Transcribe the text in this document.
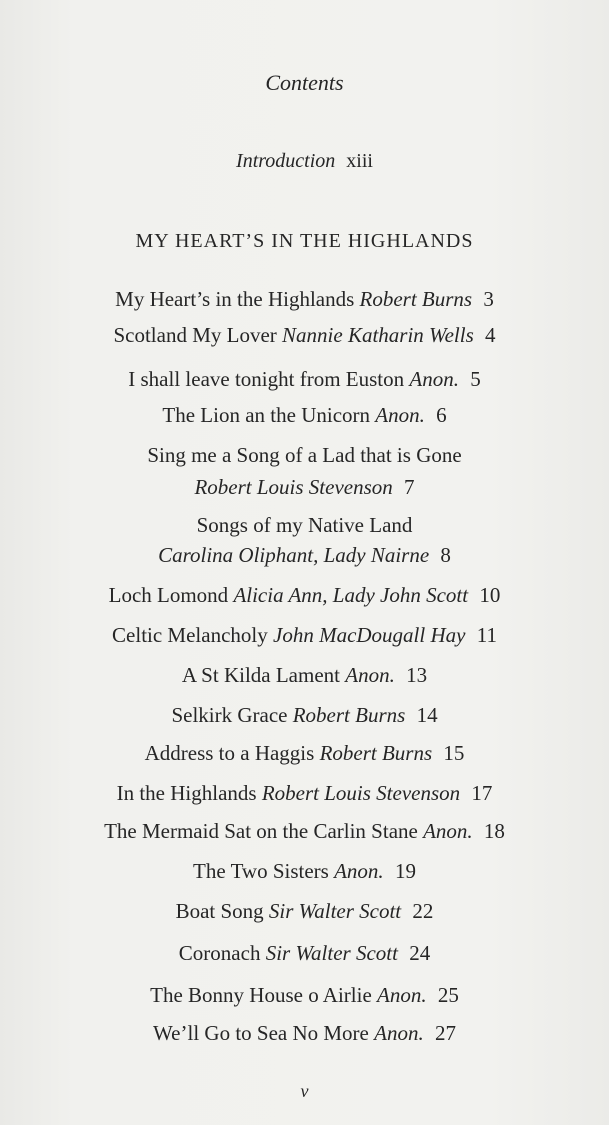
Contents
Introduction xiii
MY HEART’S IN THE HIGHLANDS
My Heart’s in the Highlands Robert Burns 3
Scotland My Lover Nannie Katharin Wells 4
I shall leave tonight from Euston Anon. 5
The Lion an the Unicorn Anon. 6
Sing me a Song of a Lad that is Gone
Robert Louis Stevenson 7
Songs of my Native Land
Carolina Oliphant, Lady Nairne 8
Loch Lomond Alicia Ann, Lady John Scott 10
Celtic Melancholy John MacDougall Hay 11
A St Kilda Lament Anon. 13
Selkirk Grace Robert Burns 14
Address to a Haggis Robert Burns 15
In the Highlands Robert Louis Stevenson 17
The Mermaid Sat on the Carlin Stane Anon. 18
The Two Sisters Anon. 19
Boat Song Sir Walter Scott 22
Coronach Sir Walter Scott 24
The Bonny House o Airlie Anon. 25
We’ll Go to Sea No More Anon. 27
v
